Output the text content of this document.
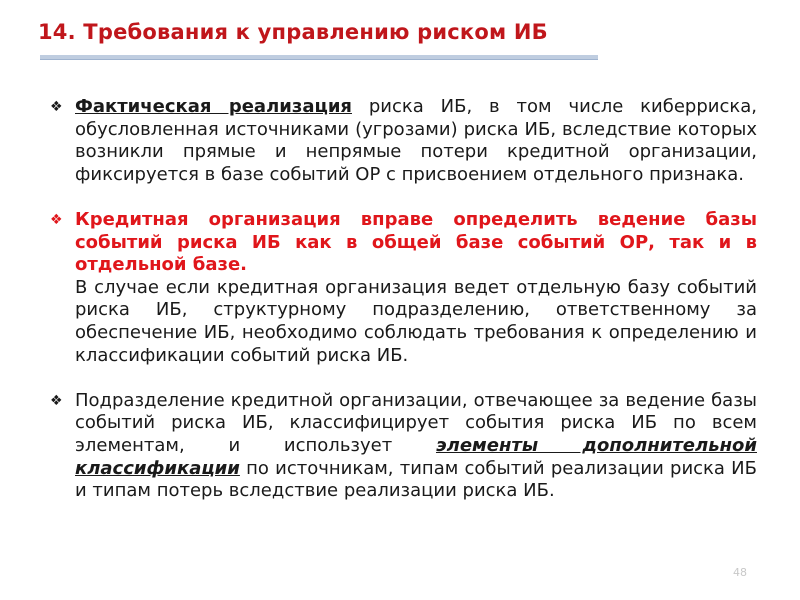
14. Требования к управлению риском ИБ
❖ Фактическая реализация риска ИБ, в том числе киберриска, обусловленная источниками (угрозами) риска ИБ, вследствие которых возникли прямые и непрямые потери кредитной организации, фиксируется в базе событий ОР с присвоением отдельного признака.
❖ Кредитная организация вправе определить ведение базы событий риска ИБ как в общей базе событий ОР, так и в отдельной базе.
В случае если кредитная организация ведет отдельную базу событий риска ИБ, структурному подразделению, ответственному за обеспечение ИБ, необходимо соблюдать требования к определению и классификации событий риска ИБ.
❖ Подразделение кредитной организации, отвечающее за ведение базы событий риска ИБ, классифицирует события риска ИБ по всем элементам, и использует элементы дополнительной классификации по источникам, типам событий реализации риска ИБ и типам потерь вследствие реализации риска ИБ.
48
